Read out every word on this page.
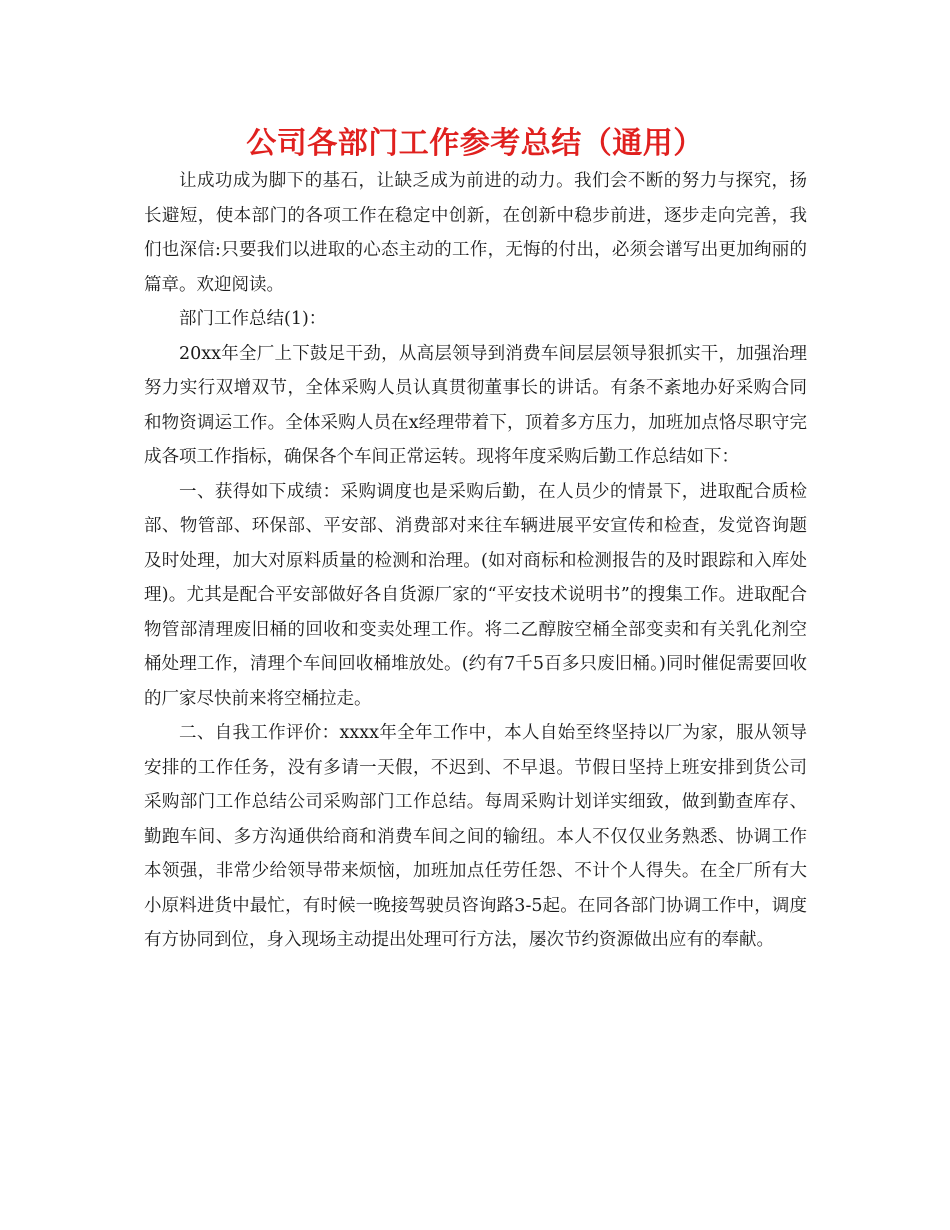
公司各部门工作参考总结（通用）

让成功成为脚下的基石，让缺乏成为前进的动力。我们会不断的努力与探究，扬长避短，使本部门的各项工作在稳定中创新，在创新中稳步前进，逐步走向完善，我们也深信:只要我们以进取的心态主动的工作，无悔的付出，必须会谱写出更加绚丽的篇章。欢迎阅读。

部门工作总结(1)：

20xx年全厂上下鼓足干劲，从高层领导到消费车间层层领导狠抓实干，加强治理努力实行双增双节，全体采购人员认真贯彻董事长的讲话。有条不紊地办好采购合同和物资调运工作。全体采购人员在x经理带着下，顶着多方压力，加班加点恪尽职守完成各项工作指标，确保各个车间正常运转。现将年度采购后勤工作总结如下：

一、获得如下成绩：采购调度也是采购后勤，在人员少的情景下，进取配合质检部、物管部、环保部、平安部、消费部对来往车辆进展平安宣传和检查，发觉咨询题及时处理，加大对原料质量的检测和治理。(如对商标和检测报告的及时跟踪和入库处理)。尤其是配合平安部做好各自货源厂家的“平安技术说明书”的搜集工作。进取配合物管部清理废旧桶的回收和变卖处理工作。将二乙醇胺空桶全部变卖和有关乳化剂空桶处理工作，清理个车间回收桶堆放处。(约有7千5百多只废旧桶。)同时催促需要回收的厂家尽快前来将空桶拉走。

二、自我工作评价：xxxx年全年工作中，本人自始至终坚持以厂为家，服从领导安排的工作任务，没有多请一天假，不迟到、不早退。节假日坚持上班安排到货公司采购部门工作总结公司采购部门工作总结。每周采购计划详实细致，做到勤查库存、勤跑车间、多方沟通供给商和消费车间之间的输纽。本人不仅仅业务熟悉、协调工作本领强，非常少给领导带来烦恼，加班加点任劳任怨、不计个人得失。在全厂所有大小原料进货中最忙，有时候一晚接驾驶员咨询路3-5起。在同各部门协调工作中，调度有方协同到位，身入现场主动提出处理可行方法，屡次节约资源做出应有的奉献。
